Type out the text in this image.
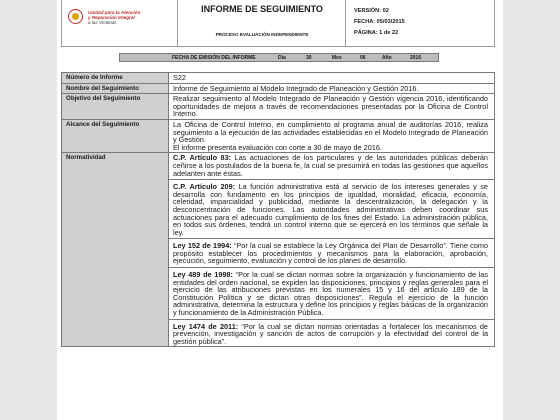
Unidad para la Atención
y Reparación Integral
a las Víctimas
INFORME DE SEGUIMIENTO
PROCESO EVALUACIÓN INDEPENDIENTE
VERSIÓN: 02
FECHA: 05/03/2015
PÁGINA: 1 de 22
FECHA DE EMISIÓN DEL INFORME	Día	30	Mes	06	Año	2016
Número de Informe	S22
Nombre del Seguimiento	Informe de Seguimiento al Modelo Integrado de Planeación y Gestión 2016.
Objetivo del Seguimiento	Realizar seguimiento al Modelo Integrado de Planeación y Gestión vigencia 2016, identificando oportunidades de mejora a través de recomendaciones presentadas por la Oficina de Control Interno.
Alcance del Seguimiento	La Oficina de Control Interno, en cumplimiento al programa anual de auditorías 2016, realiza seguimiento a la ejecución de las actividades establecidas en el Modelo Integrado de Planeación y Gestión.

El informe presenta evaluación con corte a 30 de mayo de 2016.

Normatividad	C.P. Artículo 83: Las actuaciones de los particulares y de las autoridades públicas deberán ceñirse a los postulados de la buena fe, la cual se presumirá en todas las gestiones que aquellos adelanten ante éstas.

C.P. Artículo 209: La función administrativa está al servicio de los intereses generales y se desarrolla con fundamento en los principios de igualdad, moralidad, eficacia, economía, celeridad, imparcialidad y publicidad, mediante la descentralización, la delegación y la desconcentración de funciones. Las autoridades administrativas deben coordinar sus actuaciones para el adecuado cumplimiento de los fines del Estado. La administración pública, en todos sus órdenes, tendrá un control interno que se ejercerá en los términos que señale la ley.

Ley 152 de 1994: “Por la cual se establece la Ley Orgánica del Plan de Desarrollo”. Tiene como propósito establecer los procedimientos y mecanismos para la elaboración, aprobación, ejecución, seguimiento, evaluación y control de los planes de desarrollo.

Ley 489 de 1998: “Por la cual se dictan normas sobre la organización y funcionamiento de las entidades del orden nacional, se expiden las disposiciones, principios y reglas generales para el ejercicio de las atribuciones previstas en los numerales 15 y 16 del artículo 189 de la Constitución Política y se dictan otras disposiciones”. Regula el ejercicio de la función administrativa, determina la estructura y define los principios y reglas básicas de la organización y funcionamiento de la Administración Pública.

Ley 1474 de 2011: “Por la cual se dictan normas orientadas a fortalecer los mecanismos de prevención, investigación y sanción de actos de corrupción y la efectividad del control de la gestión pública”.
